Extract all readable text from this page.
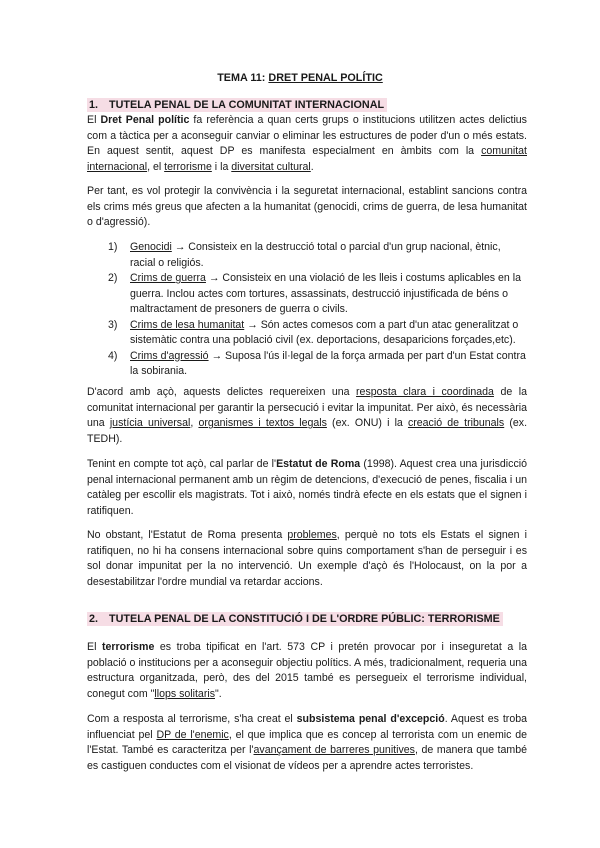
TEMA 11: DRET PENAL POLÍTIC
1. TUTELA PENAL DE LA COMUNITAT INTERNACIONAL

El Dret Penal polític fa referència a quan certs grups o institucions utilitzen actes delictius com a tàctica per a aconseguir canviar o eliminar les estructures de poder d'un o més estats. En aquest sentit, aquest DP es manifesta especialment en àmbits com la comunitat internacional, el terrorisme i la diversitat cultural.

Per tant, es vol protegir la convivència i la seguretat internacional, establint sancions contra els crims més greus que afecten a la humanitat (genocidi, crims de guerra, de lesa humanitat o d'agressió).

1) Genocidi → Consisteix en la destrucció total o parcial d'un grup nacional, ètnic, racial o religiós.
2) Crims de guerra → Consisteix en una violació de les lleis i costums aplicables en la guerra. Inclou actes com tortures, assassinats, destrucció injustificada de béns o maltractament de presoners de guerra o civils.
3) Crims de lesa humanitat → Són actes comesos com a part d'un atac generalitzat o sistemàtic contra una població civil (ex. deportacions, desaparicions forçades,etc).
4) Crims d'agressió → Suposa l'ús il·legal de la força armada per part d'un Estat contra la sobirania.

D'acord amb açò, aquests delictes requereixen una resposta clara i coordinada de la comunitat internacional per garantir la persecució i evitar la impunitat. Per això, és necessària una justícia universal, organismes i textos legals (ex. ONU) i la creació de tribunals (ex. TEDH).

Tenint en compte tot açò, cal parlar de l'Estatut de Roma (1998). Aquest crea una jurisdicció penal internacional permanent amb un règim de detencions, d'execució de penes, fiscalia i un catàleg per escollir els magistrats. Tot i això, només tindrà efecte en els estats que el signen i ratifiquen.

No obstant, l'Estatut de Roma presenta problemes, perquè no tots els Estats el signen i ratifiquen, no hi ha consens internacional sobre quins comportament s'han de perseguir i es sol donar impunitat per la no intervenció. Un exemple d'açò és l'Holocaust, on la por a desestabilitzar l'ordre mundial va retardar accions.

2. TUTELA PENAL DE LA CONSTITUCIÓ I DE L'ORDRE PÚBLIC: TERRORISME

El terrorisme es troba tipificat en l'art. 573 CP i pretén provocar por i inseguretat a la població o institucions per a aconseguir objectiu polítics. A més, tradicionalment, requeria una estructura organitzada, però, des del 2015 també es persegueix el terrorisme individual, conegut com "llops solitaris".

Com a resposta al terrorisme, s'ha creat el subsistema penal d'excepció. Aquest es troba influenciat pel DP de l'enemic, el que implica que es concep al terrorista com un enemic de l'Estat. També es caracteritza per l'avançament de barreres punitives, de manera que també es castiguen conductes com el visionat de vídeos per a aprendre actes terroristes.
